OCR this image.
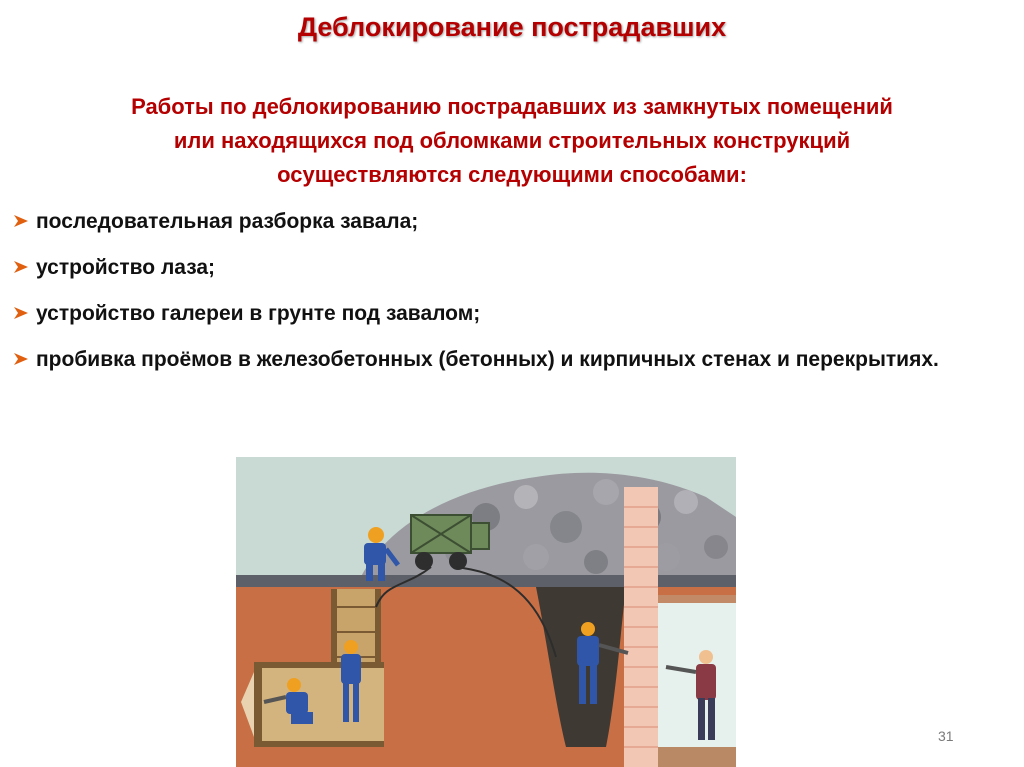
Деблокирование пострадавших

Работы по деблокированию пострадавших из замкнутых помещений
или находящихся под обломками строительных конструкций
осуществляются следующими способами:

последовательная разборка завала;
устройство лаза;
устройство галереи в грунте под завалом;
пробивка проёмов в железобетонных (бетонных) и кирпичных стенах и перекрытиях.
31
